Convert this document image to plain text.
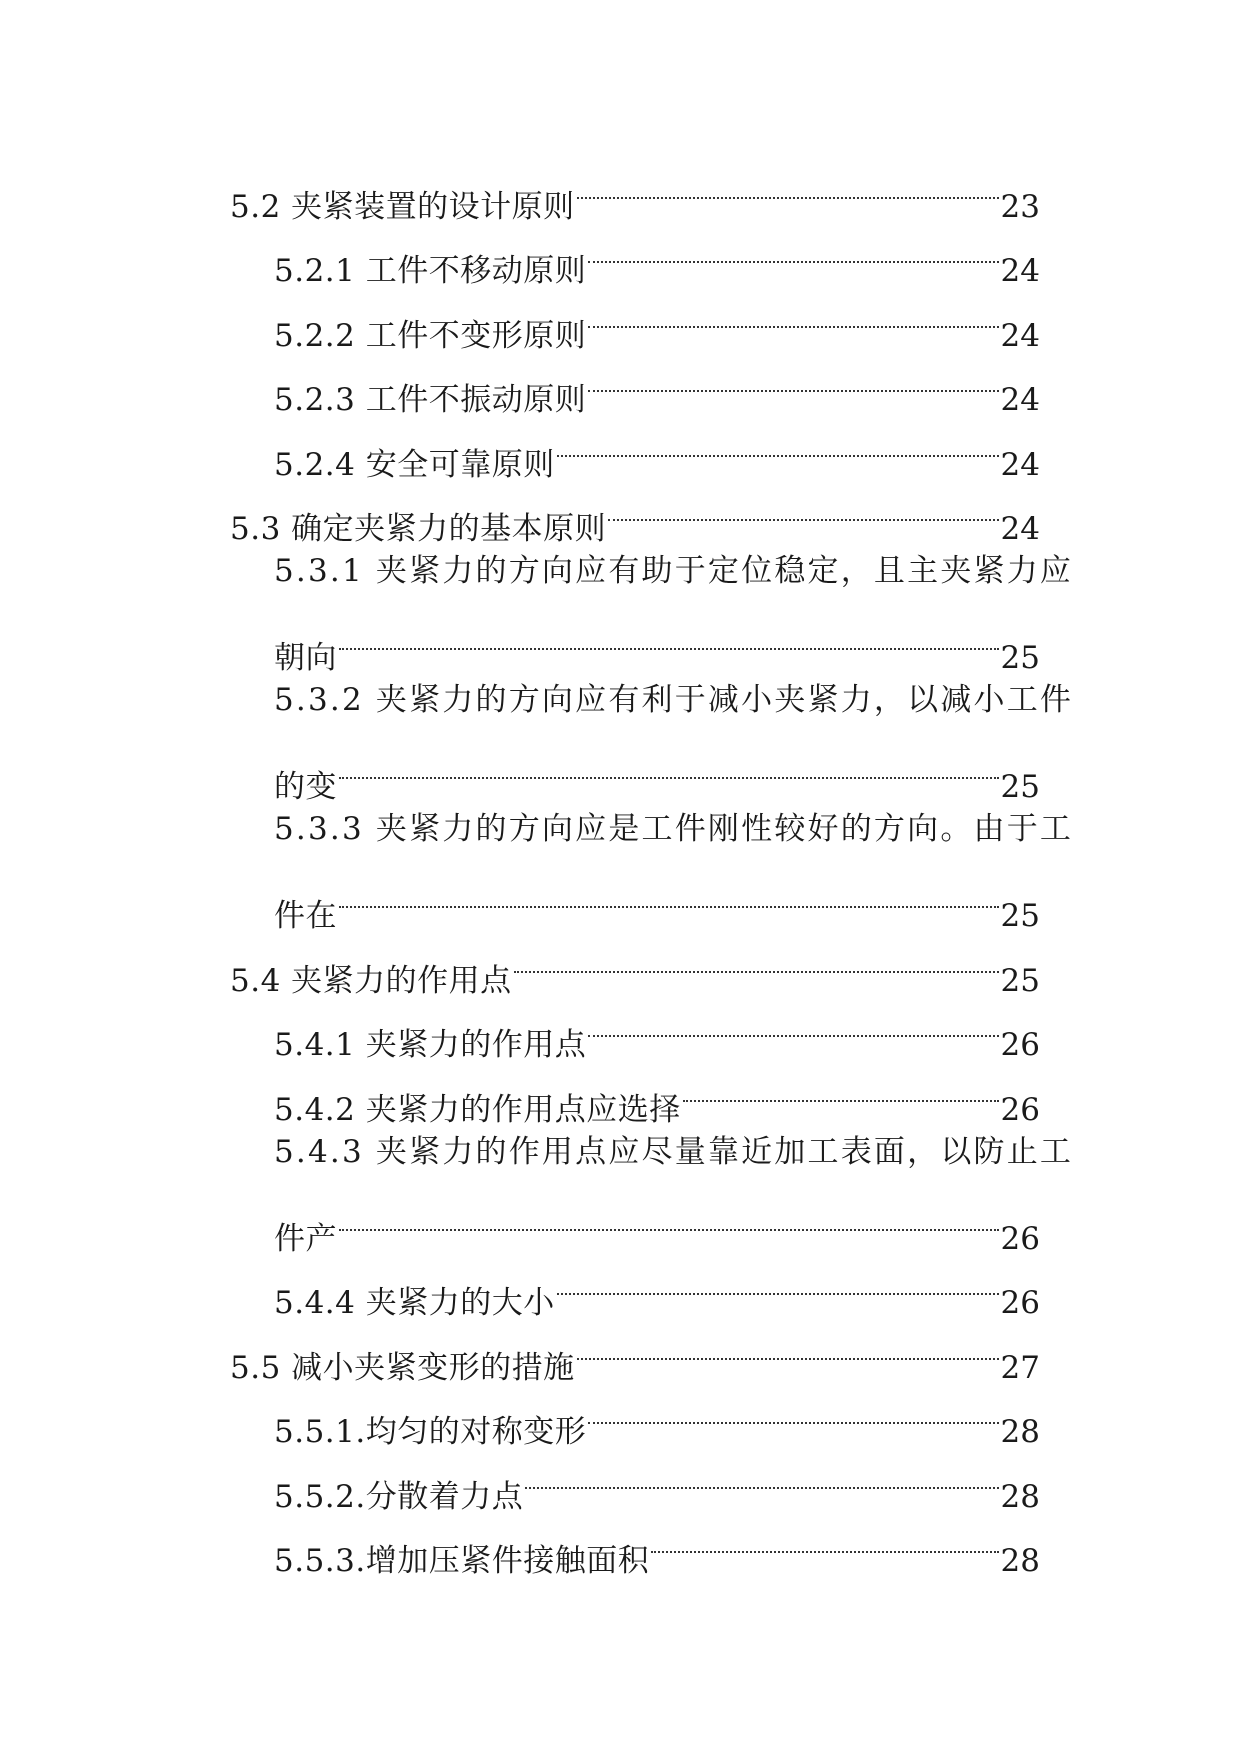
5.2 夹紧装置的设计原则	23
5.2.1 工件不移动原则	24
5.2.2 工件不变形原则	24
5.2.3 工件不振动原则	24
5.2.4 安全可靠原则	24
5.3 确定夹紧力的基本原则	24
5.3.1 夹紧力的方向应有助于定位稳定，且主夹紧力应
朝向	25
5.3.2 夹紧力的方向应有利于减小夹紧力，以减小工件
的变	25
5.3.3 夹紧力的方向应是工件刚性较好的方向。由于工
件在	25
5.4 夹紧力的作用点	25
5.4.1 夹紧力的作用点	26
5.4.2 夹紧力的作用点应选择	26
5.4.3 夹紧力的作用点应尽量靠近加工表面，以防止工
件产	26
5.4.4 夹紧力的大小	26
5.5 减小夹紧变形的措施	27
5.5.1.均匀的对称变形	28
5.5.2.分散着力点	28
5.5.3.增加压紧件接触面积	28
